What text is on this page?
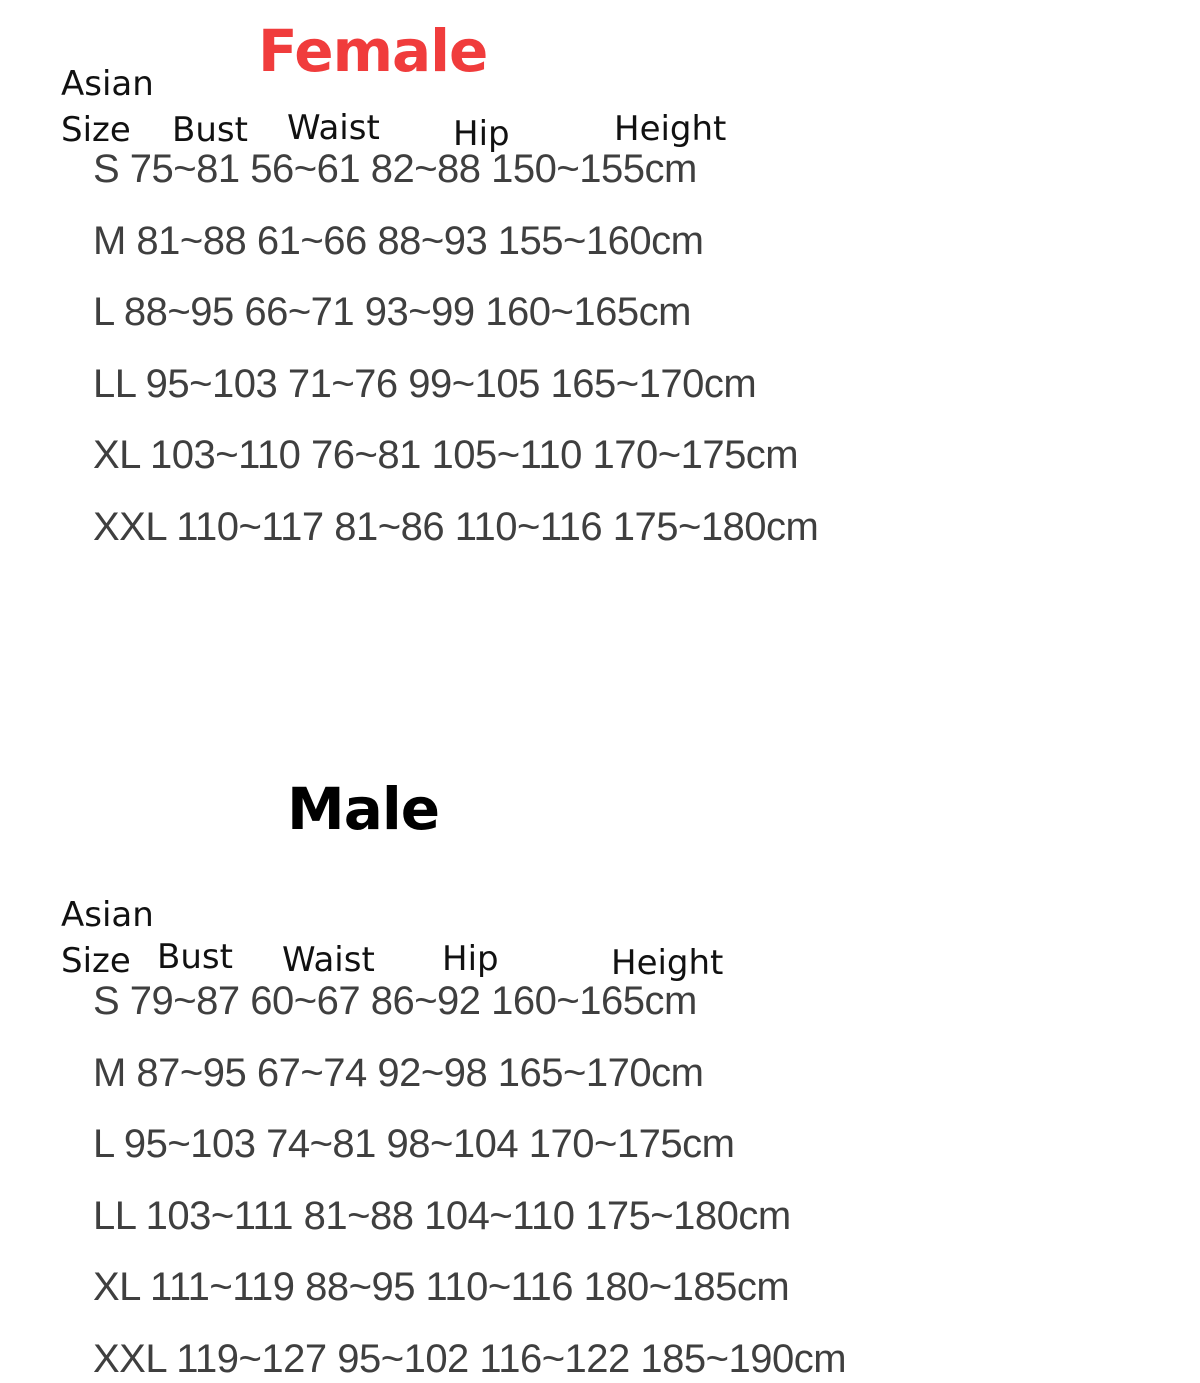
Female
Asian
Size Bust Waist Hip	Height
S 75~81 56~61 82~88 150~155cm
M 81~88 61~66 88~93 155~160cm
L 88~95 66~71 93~99 160~165cm
LL 95~103 71~76 99~105 165~170cm
XL 103~110 76~81 105~110 170~175cm
XXL 110~117 81~86 110~116 175~180cm
Male
Asian
Size Bust Waist Hip	Height
S 79~87 60~67 86~92 160~165cm
M 87~95 67~74 92~98 165~170cm
L 95~103 74~81 98~104 170~175cm
LL 103~111 81~88 104~110 175~180cm
XL 111~119 88~95 110~116 180~185cm
XXL 119~127 95~102 116~122 185~190cm
